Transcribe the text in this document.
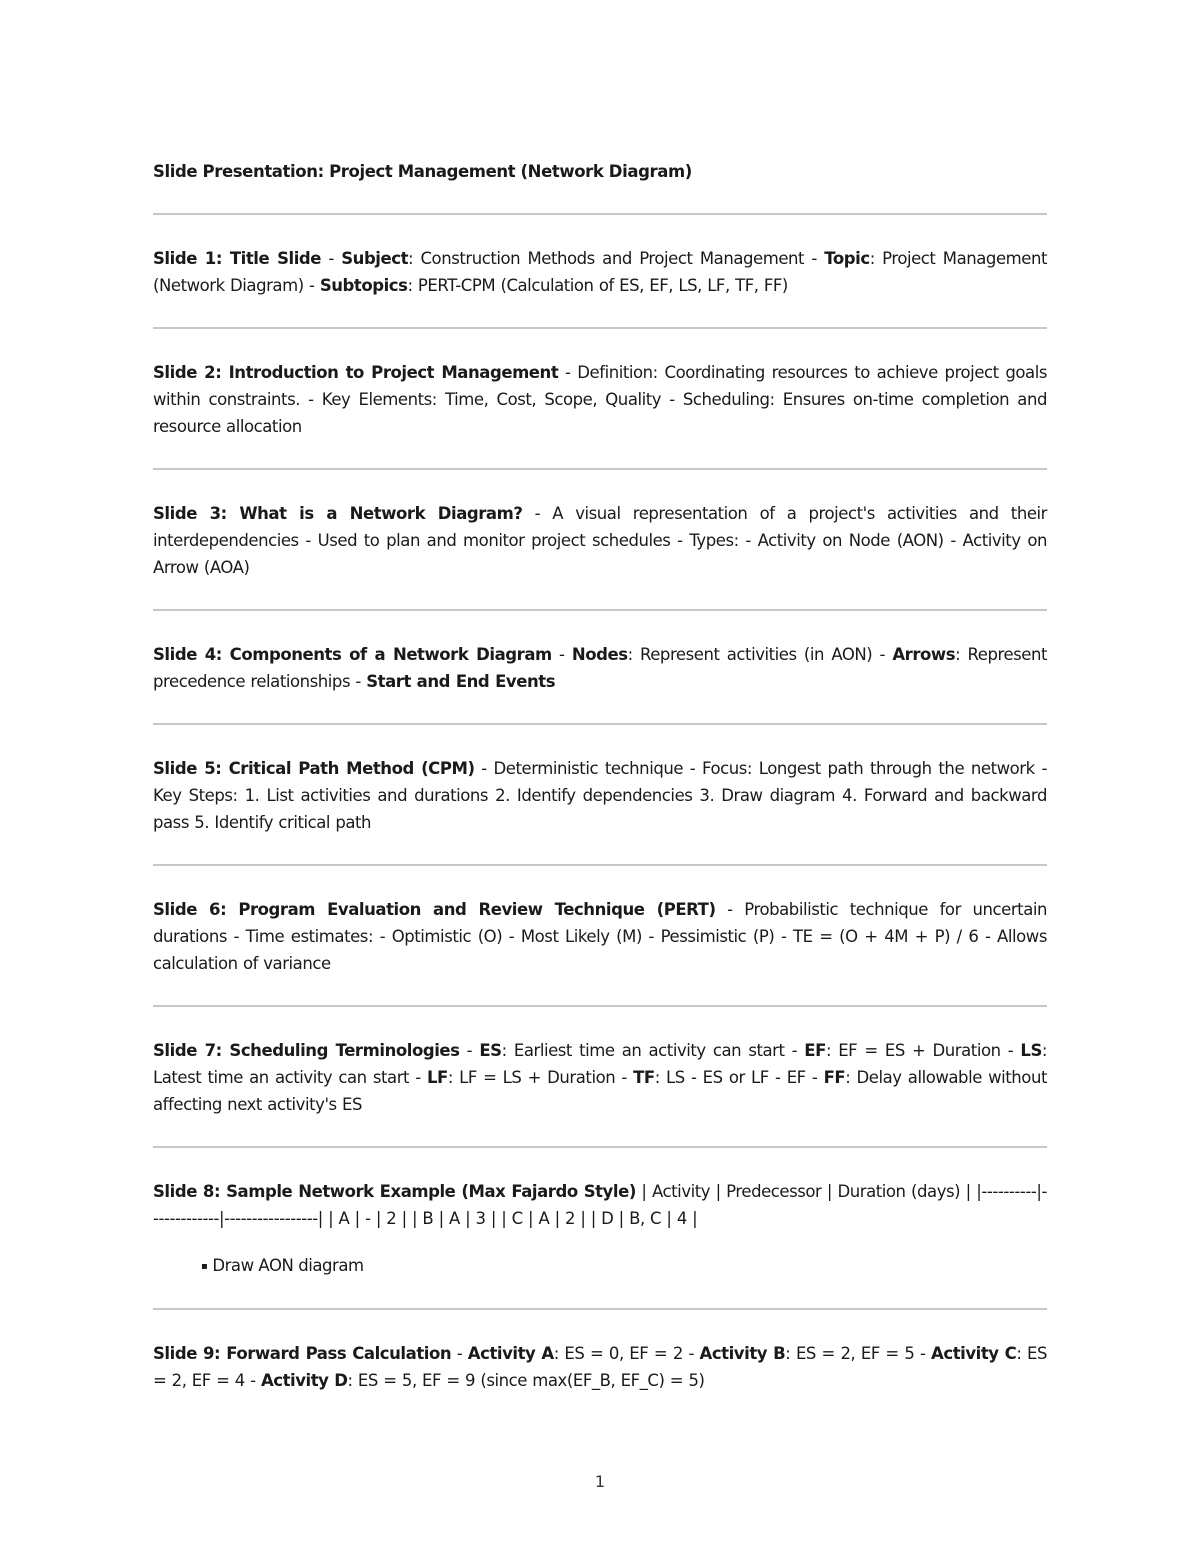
Slide Presentation: Project Management (Network Diagram)

Slide 1: Title Slide - Subject: Construction Methods and Project Management - Topic: Project Management (Network Diagram) - Subtopics: PERT-CPM (Calculation of ES, EF, LS, LF, TF, FF)

Slide 2: Introduction to Project Management - Definition: Coordinating resources to achieve project goals within constraints. - Key Elements: Time, Cost, Scope, Quality - Scheduling: Ensures on-time completion and resource allocation

Slide 3: What is a Network Diagram? - A visual representation of a project's activities and their interdependencies - Used to plan and monitor project schedules - Types: - Activity on Node (AON) - Activity on Arrow (AOA)

Slide 4: Components of a Network Diagram - Nodes: Represent activities (in AON) - Arrows: Represent precedence relationships - Start and End Events

Slide 5: Critical Path Method (CPM) - Deterministic technique - Focus: Longest path through the network - Key Steps: 1. List activities and durations 2. Identify dependencies 3. Draw diagram 4. Forward and backward pass 5. Identify critical path

Slide 6: Program Evaluation and Review Technique (PERT) - Probabilistic technique for uncertain durations - Time estimates: - Optimistic (O) - Most Likely (M) - Pessimistic (P) - TE = (O + 4M + P) / 6 - Allows calculation of variance

Slide 7: Scheduling Terminologies - ES: Earliest time an activity can start - EF: EF = ES + Duration - LS: Latest time an activity can start - LF: LF = LS + Duration - TF: LS - ES or LF - EF - FF: Delay allowable without affecting next activity's ES

Slide 8: Sample Network Example (Max Fajardo Style) | Activity | Predecessor | Duration (days) | |----------|-------------|-----------------| | A | - | 2 | | B | A | 3 | | C | A | 2 | | D | B, C | 4 |

▪ Draw AON diagram

Slide 9: Forward Pass Calculation - Activity A: ES = 0, EF = 2 - Activity B: ES = 2, EF = 5 - Activity C: ES = 2, EF = 4 - Activity D: ES = 5, EF = 9 (since max(EF_B, EF_C) = 5)

1
